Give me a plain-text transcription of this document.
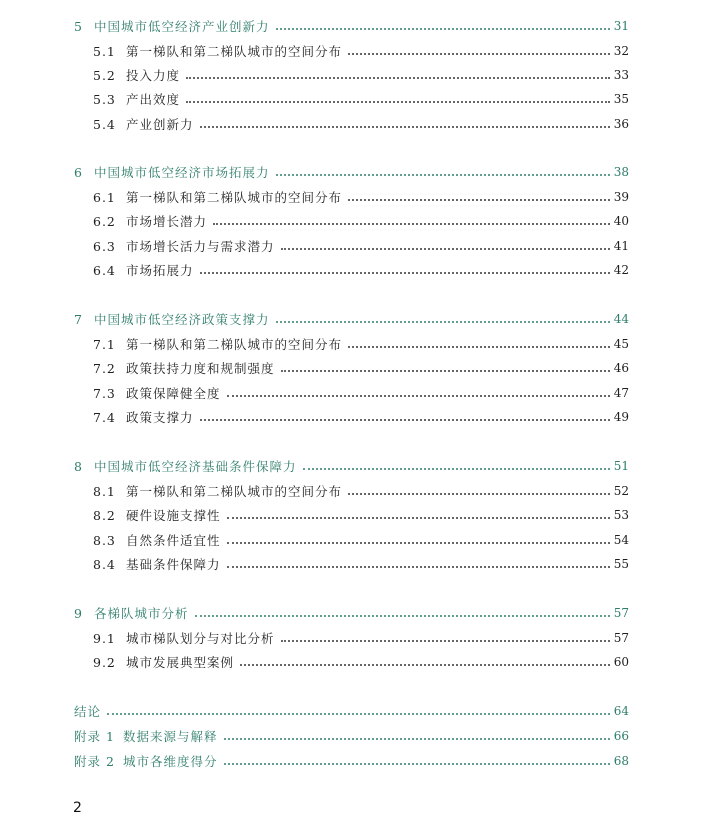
5 中国城市低空经济产业创新力	31
5.1 第一梯队和第二梯队城市的空间分布	32
5.2 投入力度	33
5.3 产出效度	35
5.4 产业创新力	36
6 中国城市低空经济市场拓展力	38
6.1 第一梯队和第二梯队城市的空间分布	39
6.2 市场增长潜力	40
6.3 市场增长活力与需求潜力	41
6.4 市场拓展力	42
7 中国城市低空经济政策支撑力	44
7.1 第一梯队和第二梯队城市的空间分布	45
7.2 政策扶持力度和规制强度	46
7.3 政策保障健全度	47
7.4 政策支撑力	49
8 中国城市低空经济基础条件保障力	51
8.1 第一梯队和第二梯队城市的空间分布	52
8.2 硬件设施支撑性	53
8.3 自然条件适宜性	54
8.4 基础条件保障力	55
9 各梯队城市分析	57
9.1 城市梯队划分与对比分析	57
9.2 城市发展典型案例	60
结论	64
附录 1 数据来源与解释	66
附录 2 城市各维度得分	68
2
